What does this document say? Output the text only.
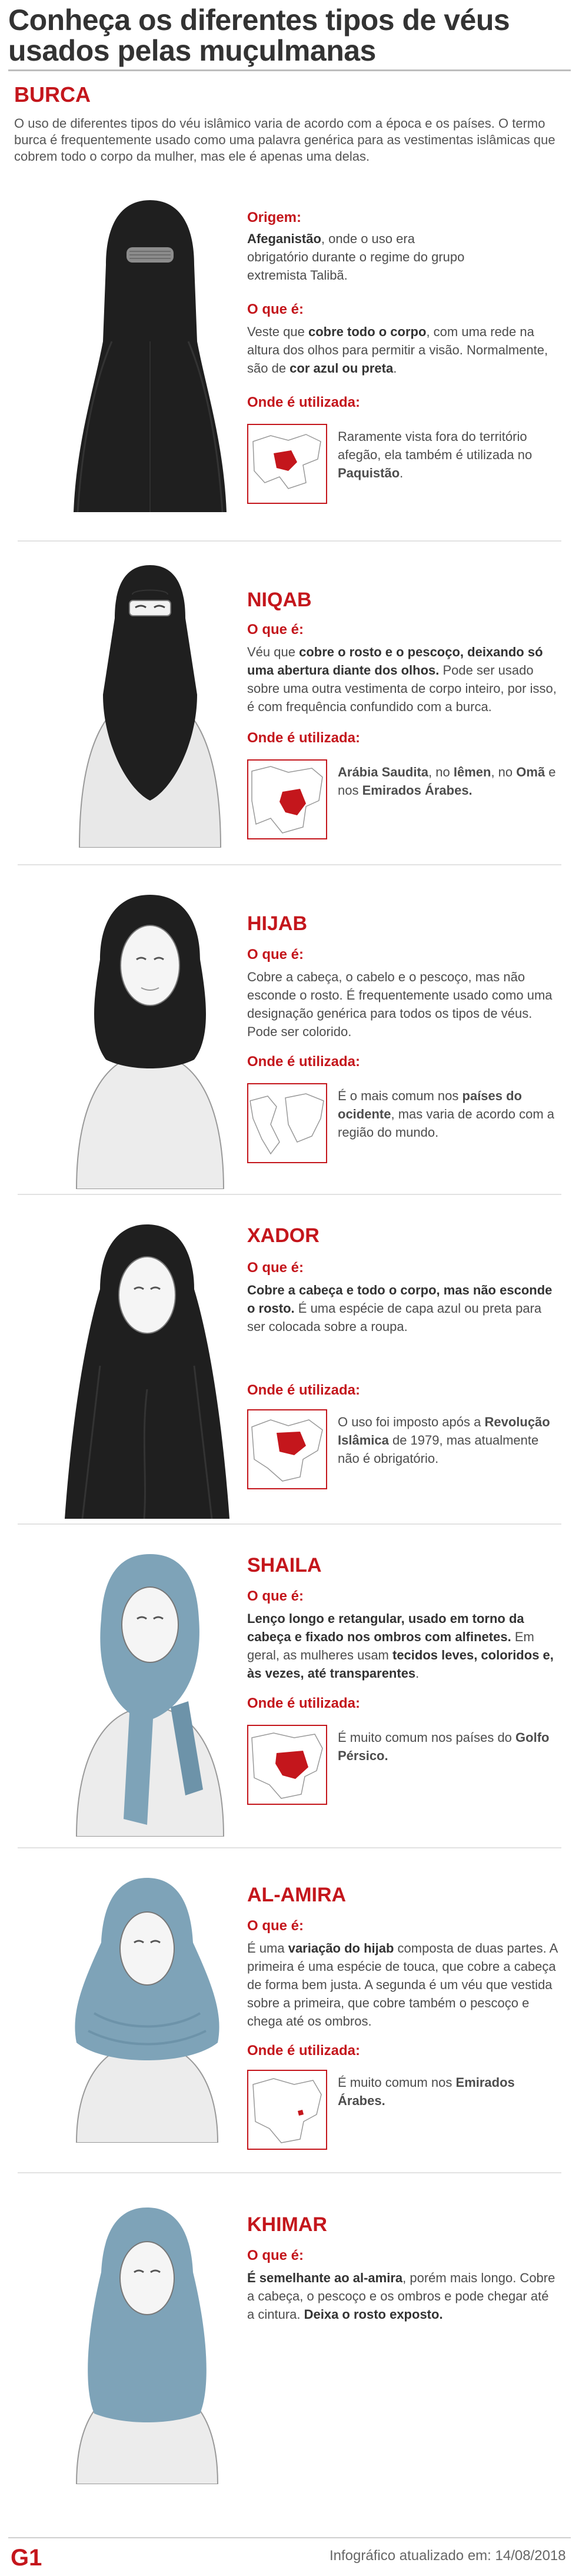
Conheça os diferentes tipos de véus usados pelas muçulmanas
BURCA
O uso de diferentes tipos do véu islâmico varia de acordo com a época e os países. O termo burca é frequentemente usado como uma palavra genérica para as vestimentas islâmicas que cobrem todo o corpo da mulher, mas ele é apenas uma delas.
Origem:
Afeganistão, onde o uso era obrigatório durante o regime do grupo extremista Talibã.
O que é:
Veste que cobre todo o corpo, com uma rede na altura dos olhos para permitir a visão. Normalmente, são de cor azul ou preta.
Onde é utilizada:
Raramente vista fora do território afegão, ela também é utilizada no Paquistão.
NIQAB
O que é:
Véu que cobre o rosto e o pescoço, deixando só uma abertura diante dos olhos. Pode ser usado sobre uma outra vestimenta de corpo inteiro, por isso, é com frequência confundido com a burca.
Onde é utilizada:
Arábia Saudita, no Iêmen, no Omã e nos Emirados Árabes.
HIJAB
O que é:
Cobre a cabeça, o cabelo e o pescoço, mas não esconde o rosto. É frequentemente usado como uma designação genérica para todos os tipos de véus. Pode ser colorido.
Onde é utilizada:
É o mais comum nos países do ocidente, mas varia de acordo com a região do mundo.
XADOR
O que é:
Cobre a cabeça e todo o corpo, mas não esconde o rosto. É uma espécie de capa azul ou preta para ser colocada sobre a roupa.
Onde é utilizada:
O uso foi imposto após a Revolução Islâmica de 1979, mas atualmente não é obrigatório.
SHAILA
O que é:
Lenço longo e retangular, usado em torno da cabeça e fixado nos ombros com alfinetes. Em geral, as mulheres usam tecidos leves, coloridos e, às vezes, até transparentes.
Onde é utilizada:
É muito comum nos países do Golfo Pérsico.
AL-AMIRA
O que é:
É uma variação do hijab composta de duas partes. A primeira é uma espécie de touca, que cobre a cabeça de forma bem justa. A segunda é um véu que vestida sobre a primeira, que cobre também o pescoço e chega até os ombros.
Onde é utilizada:
É muito comum nos Emirados Árabes.
KHIMAR
O que é:
É semelhante ao al-amira, porém mais longo. Cobre a cabeça, o pescoço e os ombros e pode chegar até a cintura. Deixa o rosto exposto.
G1	Infográfico atualizado em: 14/08/2018
